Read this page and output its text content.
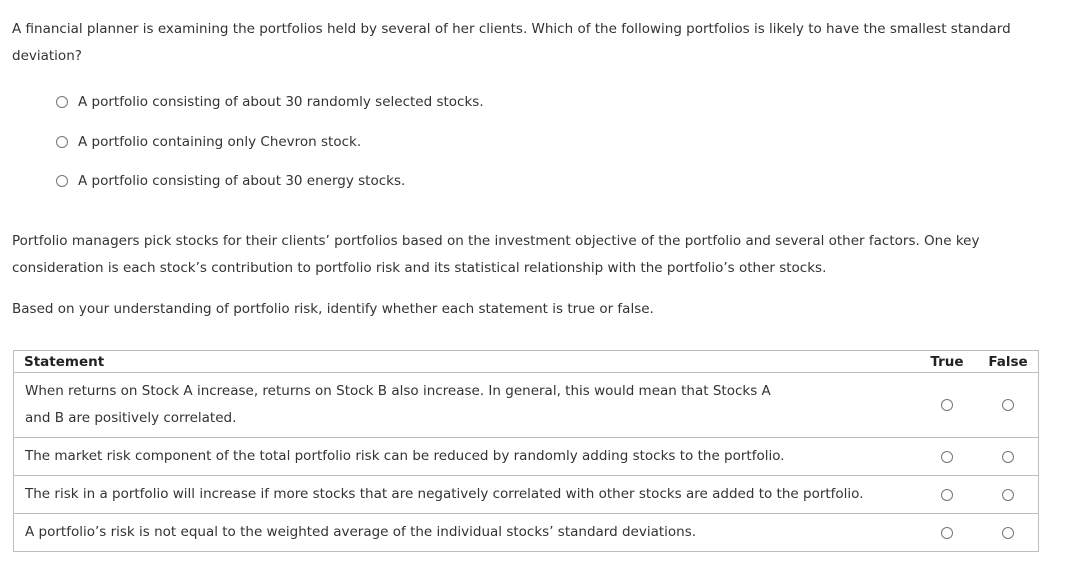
A financial planner is examining the portfolios held by several of her clients. Which of the following portfolios is likely to have the smallest standard deviation?

A portfolio consisting of about 30 randomly selected stocks.
A portfolio containing only Chevron stock.
A portfolio consisting of about 30 energy stocks.

Portfolio managers pick stocks for their clients’ portfolios based on the investment objective of the portfolio and several other factors. One key consideration is each stock’s contribution to portfolio risk and its statistical relationship with the portfolio’s other stocks.

Based on your understanding of portfolio risk, identify whether each statement is true or false.

Statement	True	False
When returns on Stock A increase, returns on Stock B also increase. In general, this would mean that Stocks A and B are positively correlated.		
The market risk component of the total portfolio risk can be reduced by randomly adding stocks to the portfolio.		
The risk in a portfolio will increase if more stocks that are negatively correlated with other stocks are added to the portfolio.		
A portfolio’s risk is not equal to the weighted average of the individual stocks’ standard deviations.		
